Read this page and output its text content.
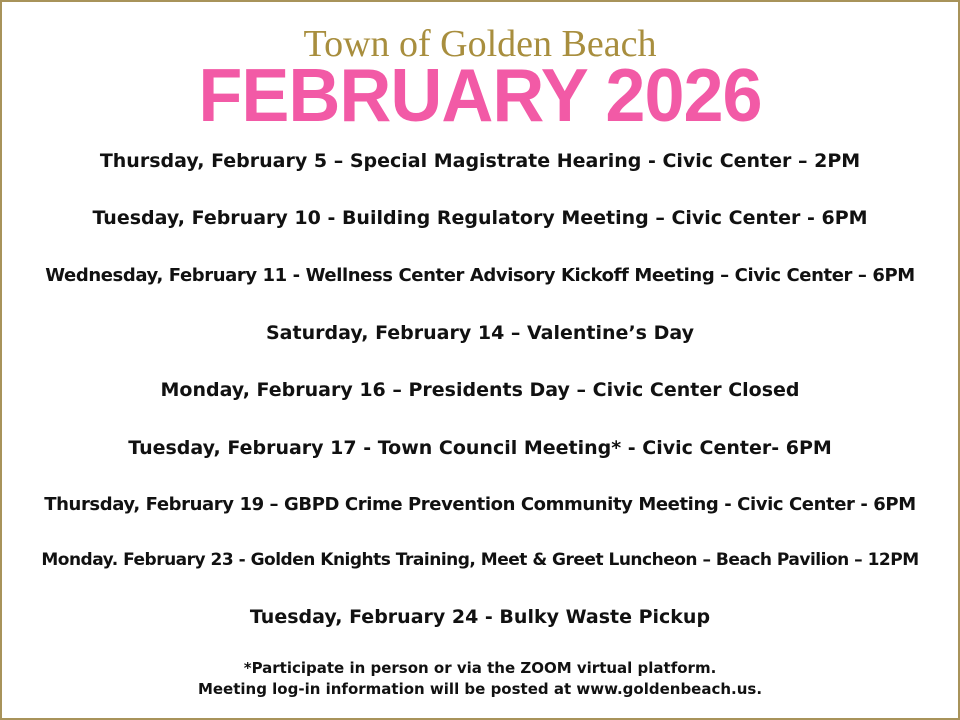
Town of Golden Beach
FEBRUARY 2026
Thursday, February 5 – Special Magistrate Hearing - Civic Center – 2PM
Tuesday, February 10 - Building Regulatory Meeting – Civic Center - 6PM
Wednesday, February 11 - Wellness Center Advisory Kickoff Meeting – Civic Center – 6PM
Saturday, February 14 – Valentine’s Day
Monday, February 16 – Presidents Day – Civic Center Closed
Tuesday, February 17 - Town Council Meeting* - Civic Center- 6PM
Thursday, February 19 – GBPD Crime Prevention Community Meeting - Civic Center - 6PM
Monday. February 23 - Golden Knights Training, Meet & Greet Luncheon – Beach Pavilion – 12PM
Tuesday, February 24 - Bulky Waste Pickup
*Participate in person or via the ZOOM virtual platform.
Meeting log-in information will be posted at www.goldenbeach.us.
